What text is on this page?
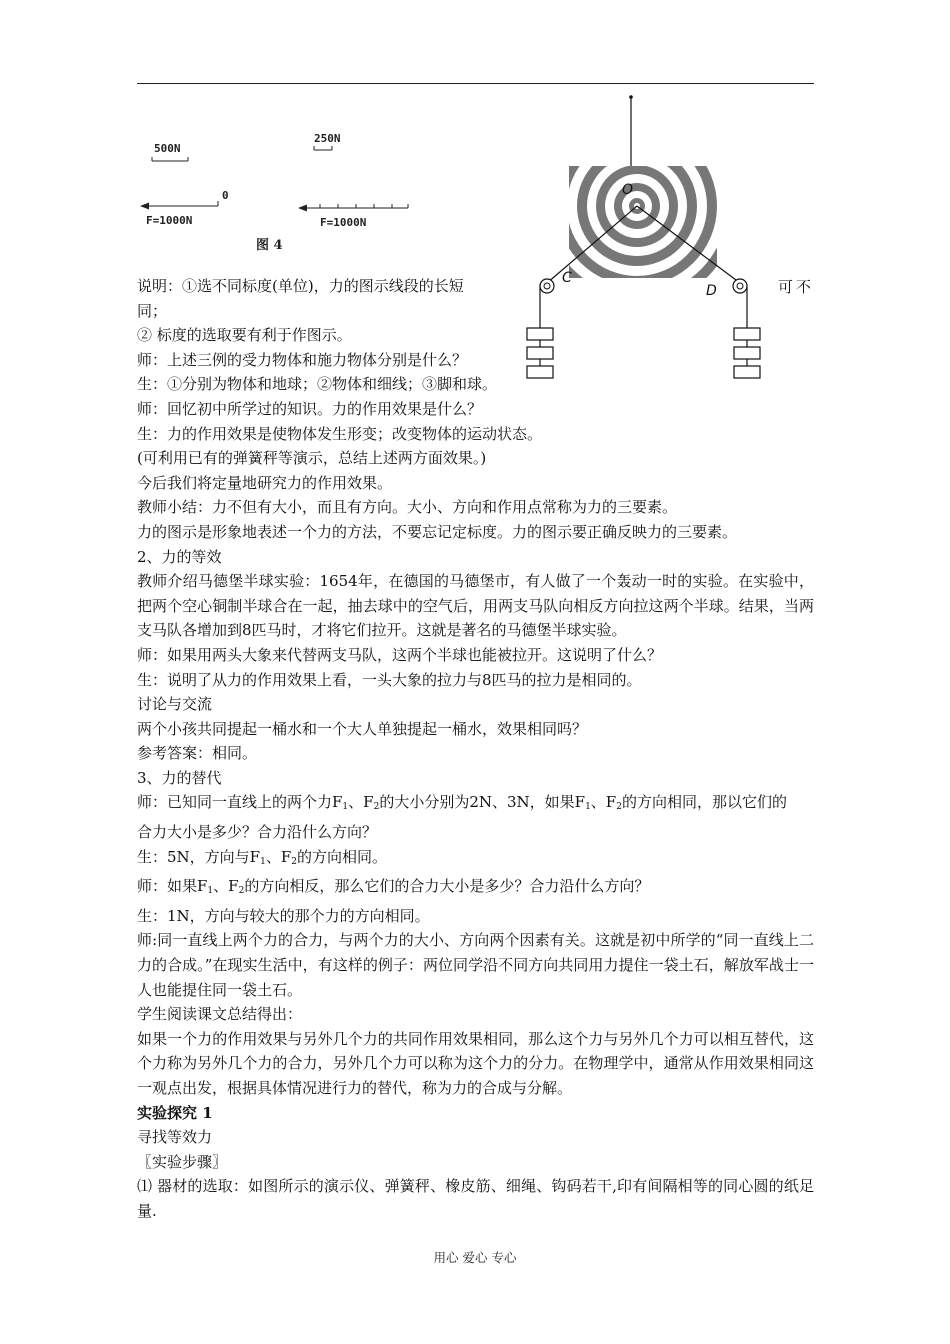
500N
250N
0
F=1000N	F=1000N
图 4
O
C
D	可不

说明：①选不同标度(单位)，力的图示线段的长短

同；

② 标度的选取要有利于作图示。

师：上述三例的受力物体和施力物体分别是什么？

生：①分别为物体和地球；②物体和细线；③脚和球。

师：回忆初中所学过的知识。力的作用效果是什么？

生：力的作用效果是使物体发生形变；改变物体的运动状态。

(可利用已有的弹簧秤等演示，总结上述两方面效果。)

今后我们将定量地研究力的作用效果。

教师小结：力不但有大小，而且有方向。大小、方向和作用点常称为力的三要素。

力的图示是形象地表述一个力的方法，不要忘记定标度。力的图示要正确反映力的三要素。

2、力的等效

教师介绍马德堡半球实验：1654年，在德国的马德堡市，有人做了一个轰动一时的实验。在实验中，把两个空心铜制半球合在一起，抽去球中的空气后，用两支马队向相反方向拉这两个半球。结果，当两支马队各增加到8匹马时，才将它们拉开。这就是著名的马德堡半球实验。

师：如果用两头大象来代替两支马队，这两个半球也能被拉开。这说明了什么？

生：说明了从力的作用效果上看，一头大象的拉力与8匹马的拉力是相同的。

讨论与交流

两个小孩共同提起一桶水和一个大人单独提起一桶水，效果相同吗？

参考答案：相同。

3、力的替代

师：已知同一直线上的两个力$F_1$、$F_2$的大小分别为2N、3N，如果$F_1$、$F_2$的方向相同，那以它们的

合力大小是多少？合力沿什么方向？

生：5N，方向与$F_1$、$F_2$的方向相同。

师：如果$F_1$、$F_2$的方向相反，那么它们的合力大小是多少？合力沿什么方向？

生：1N，方向与较大的那个力的方向相同。

师:同一直线上两个力的合力，与两个力的大小、方向两个因素有关。这就是初中所学的“同一直线上二力的合成。”在现实生活中，有这样的例子：两位同学沿不同方向共同用力提住一袋土石，解放军战士一人也能提住同一袋土石。

学生阅读课文总结得出：

如果一个力的作用效果与另外几个力的共同作用效果相同，那么这个力与另外几个力可以相互替代，这个力称为另外几个力的合力，另外几个力可以称为这个力的分力。在物理学中，通常从作用效果相同这一观点出发，根据具体情况进行力的替代，称为力的合成与分解。

实验探究 1

寻找等效力

〖实验步骤〗

⑴ 器材的选取：如图所示的演示仪、弹簧秤、橡皮筋、细绳、钩码若干,印有间隔相等的同心圆的纸足量.

用心 爱心 专心
